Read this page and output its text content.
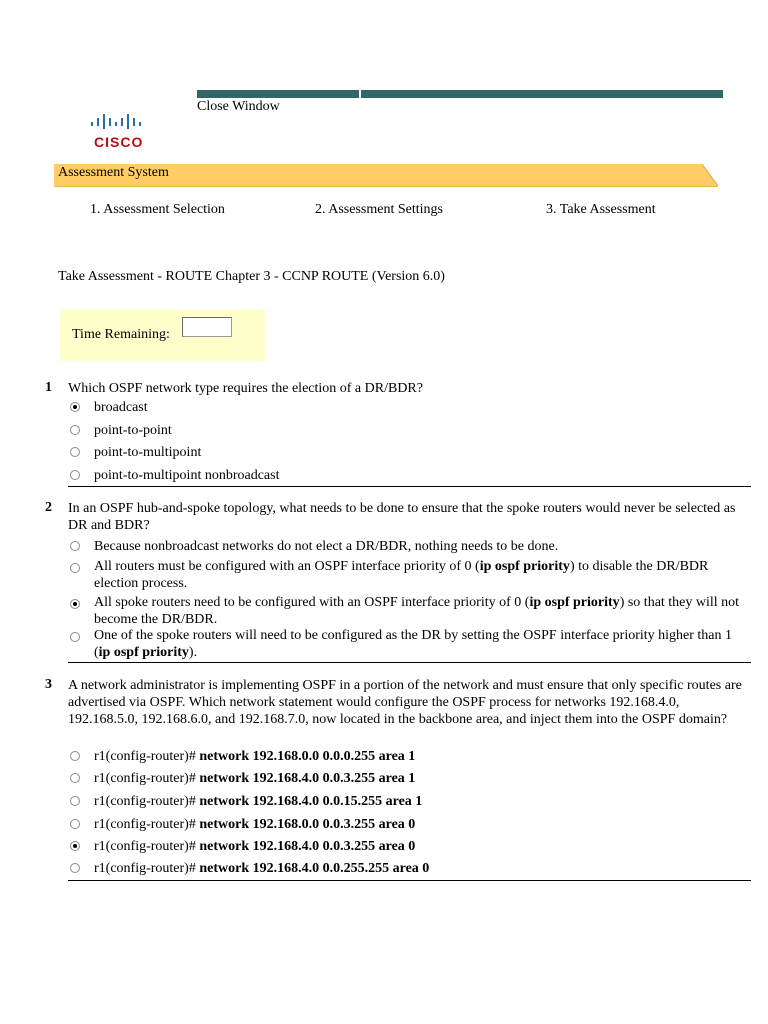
CISCO
Close Window
Assessment System
1. Assessment Selection	2. Assessment Settings	3. Take Assessment
Take Assessment - ROUTE Chapter 3 - CCNP ROUTE (Version 6.0)
Time Remaining:
1 Which OSPF network type requires the election of a DR/BDR?
broadcast
point-to-point
point-to-multipoint
point-to-multipoint nonbroadcast
2 In an OSPF hub-and-spoke topology, what needs to be done to ensure that the spoke routers would never be selected as DR and BDR?
Because nonbroadcast networks do not elect a DR/BDR, nothing needs to be done.
All routers must be configured with an OSPF interface priority of 0 (ip ospf priority) to disable the DR/BDR election process.
All spoke routers need to be configured with an OSPF interface priority of 0 (ip ospf priority) so that they will not become the DR/BDR.
One of the spoke routers will need to be configured as the DR by setting the OSPF interface priority higher than 1 (ip ospf priority).
3 A network administrator is implementing OSPF in a portion of the network and must ensure that only specific routes are advertised via OSPF. Which network statement would configure the OSPF process for networks 192.168.4.0, 192.168.5.0, 192.168.6.0, and 192.168.7.0, now located in the backbone area, and inject them into the OSPF domain?
r1(config-router)# network 192.168.0.0 0.0.0.255 area 1
r1(config-router)# network 192.168.4.0 0.0.3.255 area 1
r1(config-router)# network 192.168.4.0 0.0.15.255 area 1
r1(config-router)# network 192.168.0.0 0.0.3.255 area 0
r1(config-router)# network 192.168.4.0 0.0.3.255 area 0
r1(config-router)# network 192.168.4.0 0.0.255.255 area 0
